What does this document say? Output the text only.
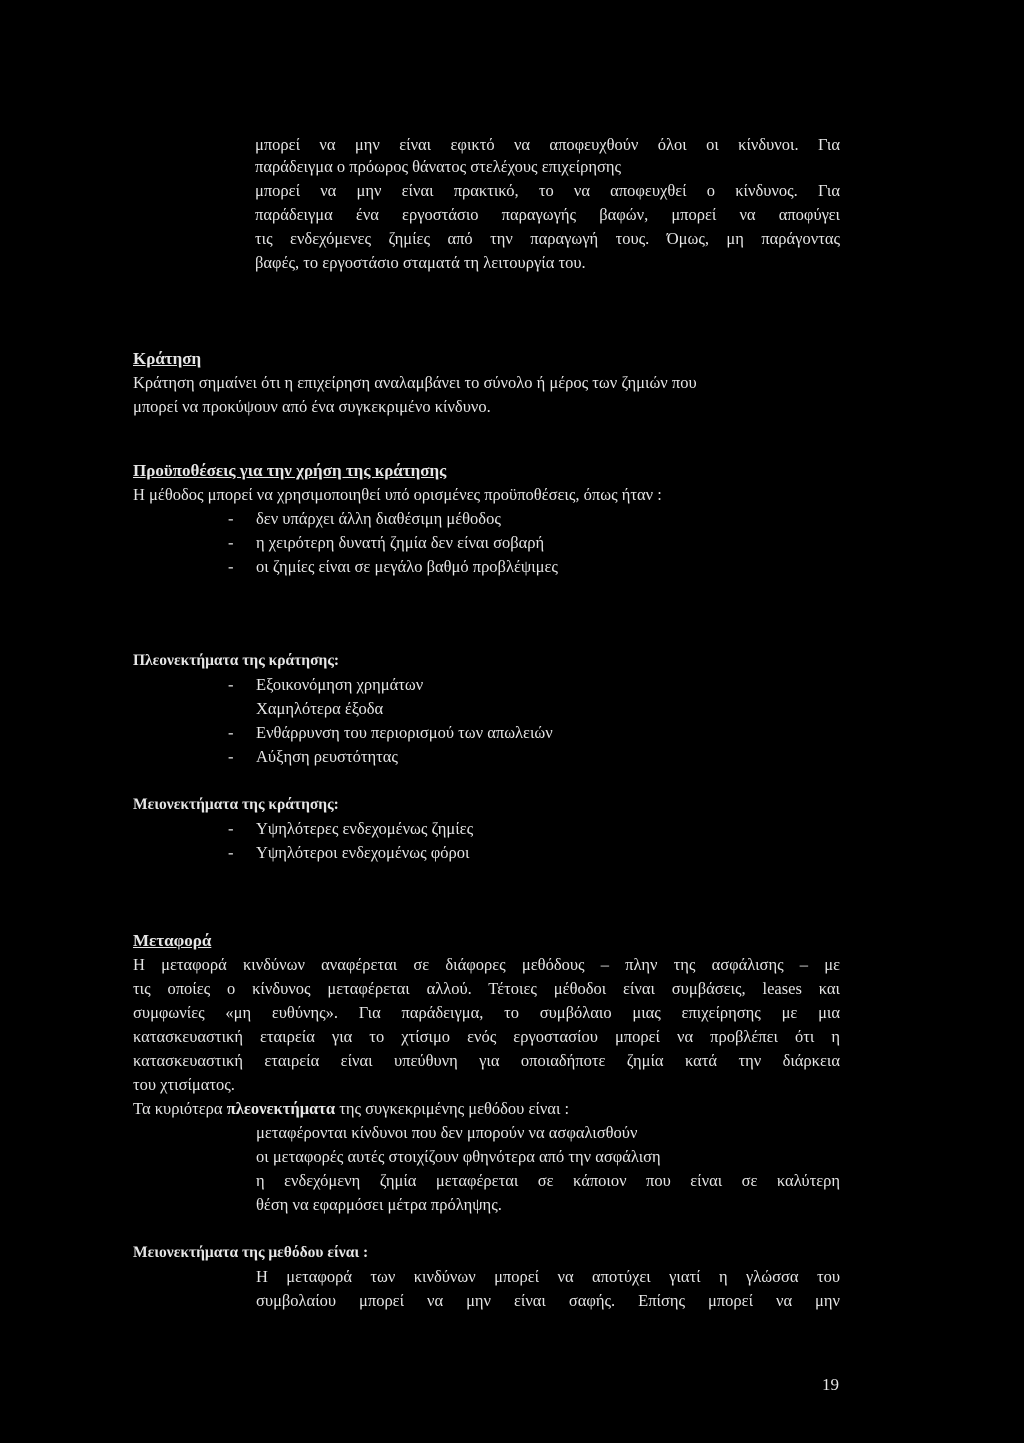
μπορεί να μην είναι εφικτό να αποφευχθούν όλοι οι κίνδυνοι. Για
παράδειγμα ο πρόωρος θάνατος στελέχους επιχείρησης
μπορεί να μην είναι πρακτικό, το να αποφευχθεί ο κίνδυνος. Για
παράδειγμα ένα εργοστάσιο παραγωγής βαφών, μπορεί να αποφύγει
τις ενδεχόμενες ζημίες από την παραγωγή τους. Όμως, μη παράγοντας
βαφές, το εργοστάσιο σταματά τη λειτουργία του.
Κράτηση
Κράτηση σημαίνει ότι η επιχείρηση αναλαμβάνει το σύνολο ή μέρος των ζημιών που
μπορεί να προκύψουν από ένα συγκεκριμένο κίνδυνο.
Προϋποθέσεις για την χρήση της κράτησης
Η μέθοδος μπορεί να χρησιμοποιηθεί υπό ορισμένες προϋποθέσεις, όπως ήταν :
- δεν υπάρχει άλλη διαθέσιμη μέθοδος
- η χειρότερη δυνατή ζημία δεν είναι σοβαρή
- οι ζημίες είναι σε μεγάλο βαθμό προβλέψιμες
Πλεονεκτήματα της κράτησης:
- Εξοικονόμηση χρημάτων
Χαμηλότερα έξοδα
- Ενθάρρυνση του περιορισμού των απωλειών
- Αύξηση ρευστότητας
Μειονεκτήματα της κράτησης:
- Υψηλότερες ενδεχομένως ζημίες
- Υψηλότεροι ενδεχομένως φόροι
Μεταφορά
Η μεταφορά κινδύνων αναφέρεται σε διάφορες μεθόδους – πλην της ασφάλισης – με
τις οποίες ο κίνδυνος μεταφέρεται αλλού. Τέτοιες μέθοδοι είναι συμβάσεις, leases και
συμφωνίες «μη ευθύνης». Για παράδειγμα, το συμβόλαιο μιας επιχείρησης με μια
κατασκευαστική εταιρεία για το χτίσιμο ενός εργοστασίου μπορεί να προβλέπει ότι η
κατασκευαστική εταιρεία είναι υπεύθυνη για οποιαδήποτε ζημία κατά την διάρκεια
του χτισίματος.
Τα κυριότερα πλεονεκτήματα της συγκεκριμένης μεθόδου είναι :
μεταφέρονται κίνδυνοι που δεν μπορούν να ασφαλισθούν
οι μεταφορές αυτές στοιχίζουν φθηνότερα από την ασφάλιση
η ενδεχόμενη ζημία μεταφέρεται σε κάποιον που είναι σε καλύτερη
θέση να εφαρμόσει μέτρα πρόληψης.
Μειονεκτήματα της μεθόδου είναι :
Η μεταφορά των κινδύνων μπορεί να αποτύχει γιατί η γλώσσα του
συμβολαίου μπορεί να μην είναι σαφής. Επίσης μπορεί να μην
19
